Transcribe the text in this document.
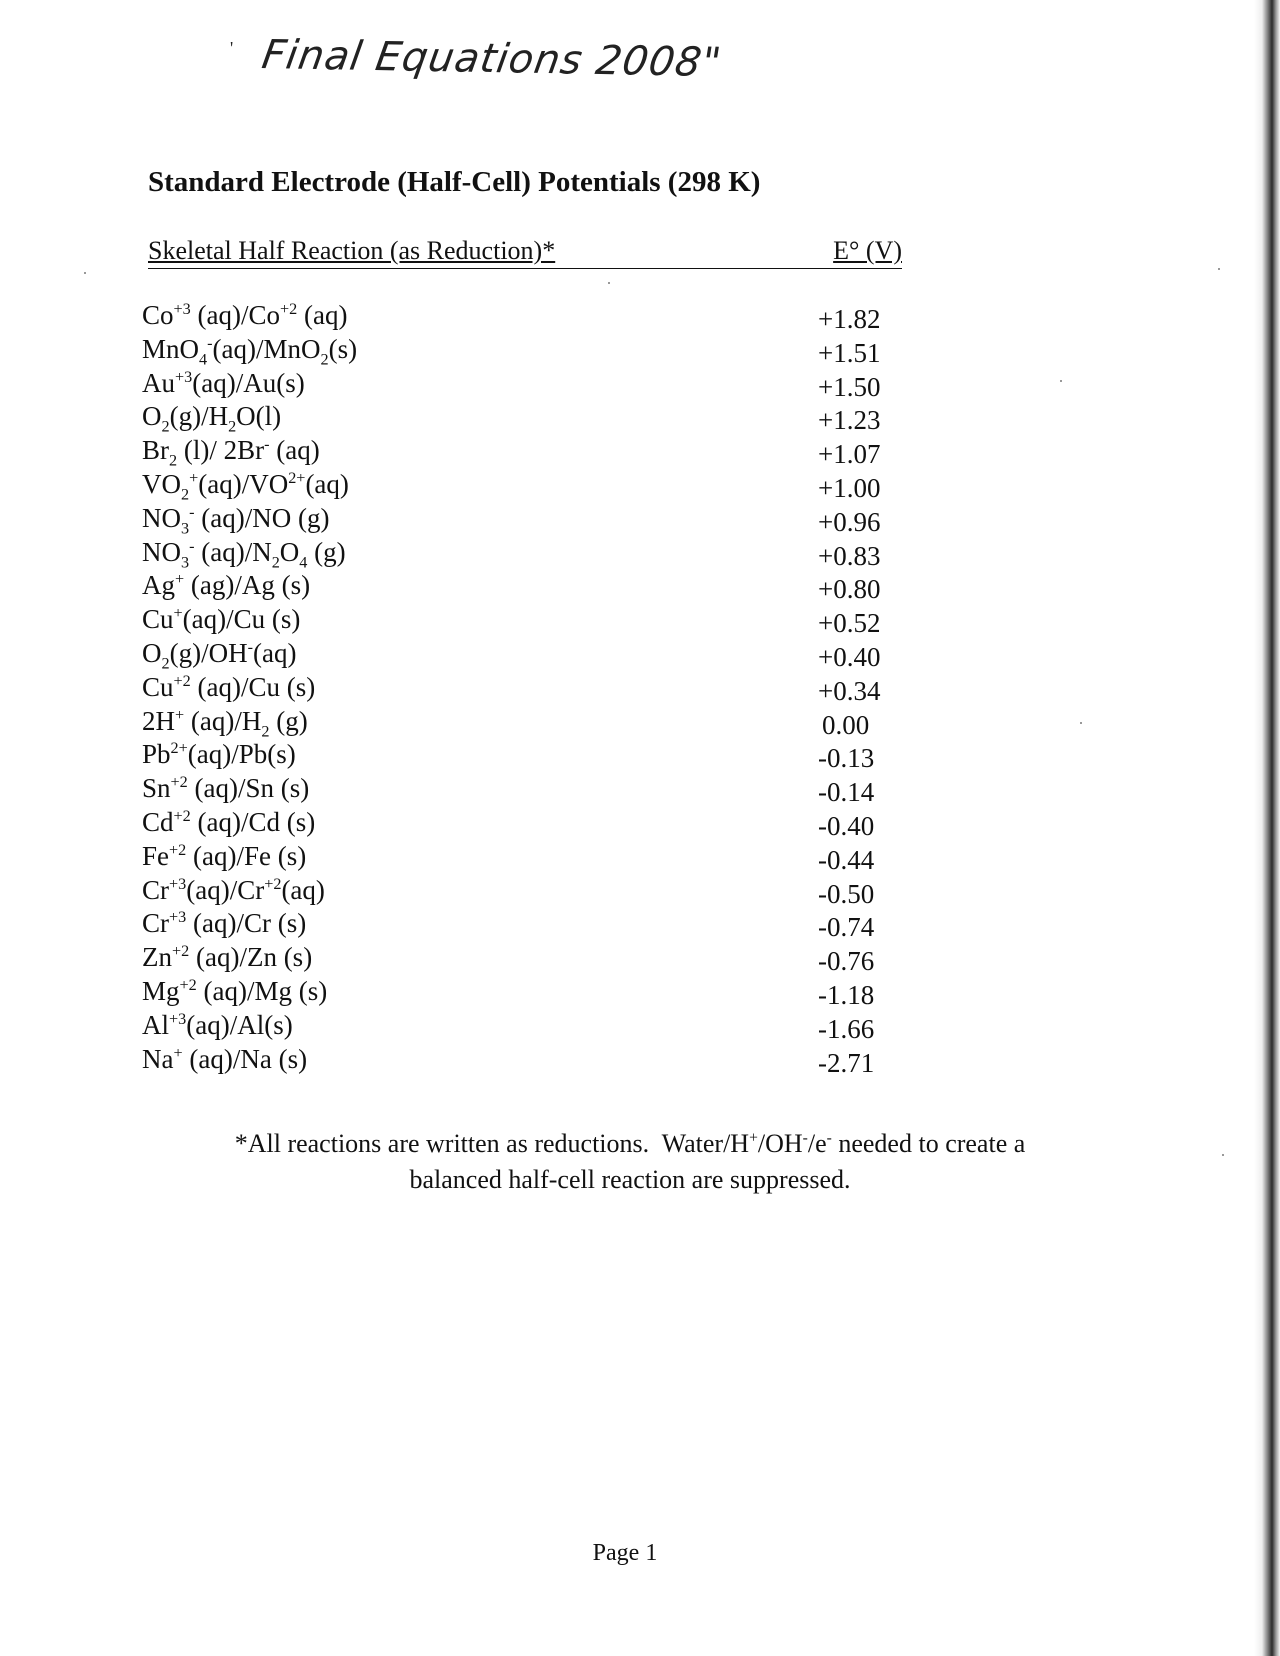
' Final Equations 2008"
Standard Electrode (Half-Cell) Potentials (298 K)
Skeletal Half Reaction (as Reduction)*	E° (V)
$Co^{+3}$ $(aq)/Co^{+2}$ (aq)	+1.82
MnO$_4$-(aq)/MnO$_2$(s)	+1.51
$Au^{+3}(aq)/Au(s)$	+1.50
$O_2(g)/H_2O(l)$	+1.23
$Br_2$ (l)/ 2Br- (aq)	+1.07
$VO_2^+(aq)/VO^{2+}(aq)$	+1.00
$NO_3^-$ (aq)/NO (g)	+0.96
$NO_3^-$ $(aq)/N_2O_4$ (g)	+0.83
Ag+ (ag)/Ag (s)	+0.80
Cu+(aq)/Cu (s)	+0.52
$O_2(g)/OH^-(aq)$	+0.40
$Cu^{+2}$ (aq)/Cu (s)	+0.34
2H+ $(aq)/H_2$ (g)	0.00
$Pb^{2+}(aq)/Pb(s)$	-0.13
$Sn^{+2}$ (aq)/Sn (s)	-0.14
$Cd^{+2}$ (aq)/Cd (s)	-0.40
$Fe^{+2}$ (aq)/Fe (s)	-0.44
$Cr^{+3}(aq)/Cr^{+2}(aq)$	-0.50
$Cr^{+3}$ (aq)/Cr (s)	-0.74
$Zn^{+2}$ (aq)/Zn (s)	-0.76
$Mg^{+2}$ (aq)/Mg (s)	-1.18
$Al^{+3}(aq)/Al(s)$	-1.66
Na+ (aq)/Na (s)	-2.71
*All reactions are written as reductions.  Water/H+/OH-/e- needed to create a
balanced half-cell reaction are suppressed.
Page 1
